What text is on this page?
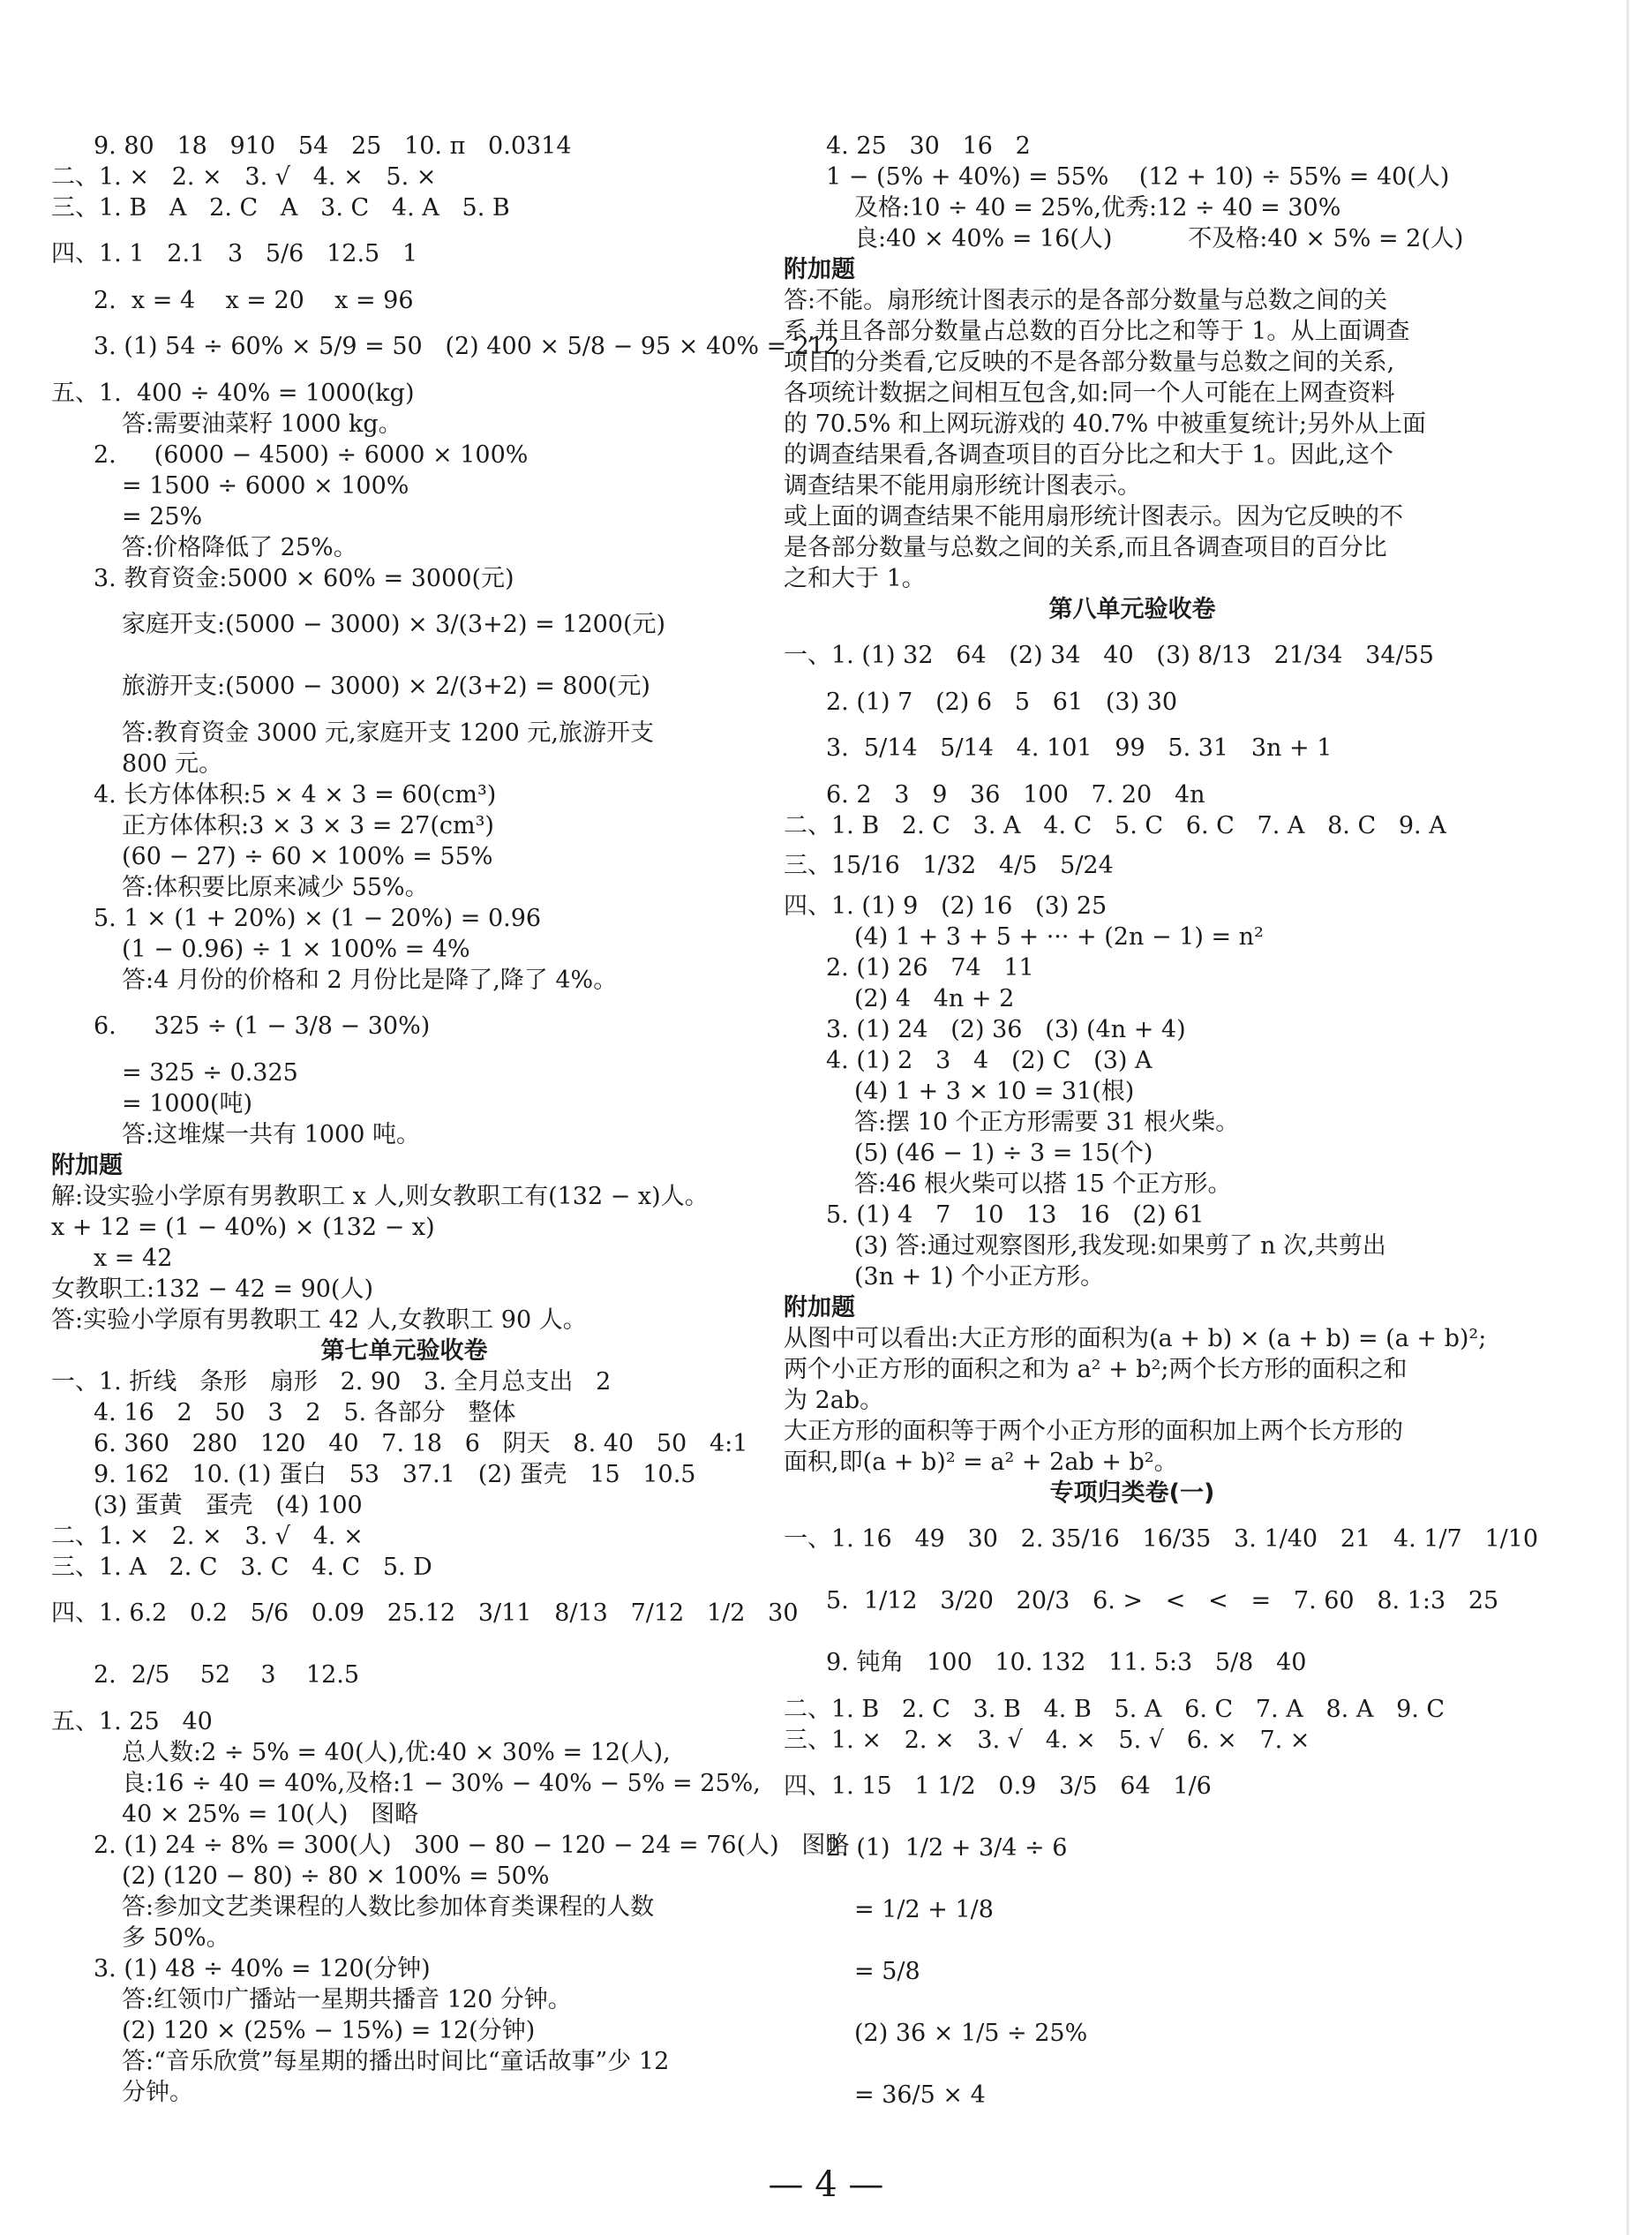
9. 80   18   910   54   25   10. π   0.0314
二、1. ×   2. ×   3. √   4. ×   5. ×
三、1. B   A   2. C   A   3. C   4. A   5. B
四、1. 1   2.1   3   5/6   12.5   1
2.  x = 4    x = 20    x = 96
3. (1) 54 ÷ 60% × 5/9 = 50   (2) 400 × 5/8 − 95 × 40% = 212
五、1.  400 ÷ 40% = 1000(kg)
答:需要油菜籽 1000 kg。
2.     (6000 − 4500) ÷ 6000 × 100%
= 1500 ÷ 6000 × 100%
= 25%
答:价格降低了 25%。
3. 教育资金:5000 × 60% = 3000(元)
家庭开支:(5000 − 3000) × 3/(3+2) = 1200(元)
旅游开支:(5000 − 3000) × 2/(3+2) = 800(元)
答:教育资金 3000 元,家庭开支 1200 元,旅游开支
800 元。
4. 长方体体积:5 × 4 × 3 = 60(cm³)
正方体体积:3 × 3 × 3 = 27(cm³)
(60 − 27) ÷ 60 × 100% = 55%
答:体积要比原来减少 55%。
5. 1 × (1 + 20%) × (1 − 20%) = 0.96
(1 − 0.96) ÷ 1 × 100% = 4%
答:4 月份的价格和 2 月份比是降了,降了 4%。
6.     325 ÷ (1 − 3/8 − 30%)
= 325 ÷ 0.325
= 1000(吨)
答:这堆煤一共有 1000 吨。
附加题
解:设实验小学原有男教职工 x 人,则女教职工有(132 − x)人。
x + 12 = (1 − 40%) × (132 − x)
x = 42
女教职工:132 − 42 = 90(人)
答:实验小学原有男教职工 42 人,女教职工 90 人。
第七单元验收卷
一、1. 折线   条形   扇形   2. 90   3. 全月总支出   2
4. 16   2   50   3   2   5. 各部分   整体
6. 360   280   120   40   7. 18   6   阴天   8. 40   50   4:1
9. 162   10. (1) 蛋白   53   37.1   (2) 蛋壳   15   10.5
(3) 蛋黄   蛋壳   (4) 100
二、1. ×   2. ×   3. √   4. ×
三、1. A   2. C   3. C   4. C   5. D
四、1. 6.2   0.2   5/6   0.09   25.12   3/11   8/13   7/12   1/2   30
2.  2/5    52    3    12.5
五、1. 25   40
总人数:2 ÷ 5% = 40(人),优:40 × 30% = 12(人),
良:16 ÷ 40 = 40%,及格:1 − 30% − 40% − 5% = 25%,
40 × 25% = 10(人)   图略
2. (1) 24 ÷ 8% = 300(人)   300 − 80 − 120 − 24 = 76(人)   图略
(2) (120 − 80) ÷ 80 × 100% = 50%
答:参加文艺类课程的人数比参加体育类课程的人数
多 50%。
3. (1) 48 ÷ 40% = 120(分钟)
答:红领巾广播站一星期共播音 120 分钟。
(2) 120 × (25% − 15%) = 12(分钟)
答:“音乐欣赏”每星期的播出时间比“童话故事”少 12
分钟。
4. 25   30   16   2
1 − (5% + 40%) = 55%    (12 + 10) ÷ 55% = 40(人)
及格:10 ÷ 40 = 25%,优秀:12 ÷ 40 = 30%
良:40 × 40% = 16(人)          不及格:40 × 5% = 2(人)
附加题
答:不能。扇形统计图表示的是各部分数量与总数之间的关
系,并且各部分数量占总数的百分比之和等于 1。从上面调查
项目的分类看,它反映的不是各部分数量与总数之间的关系,
各项统计数据之间相互包含,如:同一个人可能在上网查资料
的 70.5% 和上网玩游戏的 40.7% 中被重复统计;另外从上面
的调查结果看,各调查项目的百分比之和大于 1。因此,这个
调查结果不能用扇形统计图表示。
或上面的调查结果不能用扇形统计图表示。因为它反映的不
是各部分数量与总数之间的关系,而且各调查项目的百分比
之和大于 1。
第八单元验收卷
一、1. (1) 32   64   (2) 34   40   (3) 8/13   21/34   34/55
2. (1) 7   (2) 6   5   61   (3) 30
3.  5/14   5/14   4. 101   99   5. 31   3n + 1
6. 2   3   9   36   100   7. 20   4n
二、1. B   2. C   3. A   4. C   5. C   6. C   7. A   8. C   9. A
三、15/16   1/32   4/5   5/24
四、1. (1) 9   (2) 16   (3) 25
(4) 1 + 3 + 5 + ··· + (2n − 1) = n²
2. (1) 26   74   11
(2) 4   4n + 2
3. (1) 24   (2) 36   (3) (4n + 4)
4. (1) 2   3   4   (2) C   (3) A
(4) 1 + 3 × 10 = 31(根)
答:摆 10 个正方形需要 31 根火柴。
(5) (46 − 1) ÷ 3 = 15(个)
答:46 根火柴可以搭 15 个正方形。
5. (1) 4   7   10   13   16   (2) 61
(3) 答:通过观察图形,我发现:如果剪了 n 次,共剪出
(3n + 1) 个小正方形。
附加题
从图中可以看出:大正方形的面积为(a + b) × (a + b) = (a + b)²;
两个小正方形的面积之和为 a² + b²;两个长方形的面积之和
为 2ab。
大正方形的面积等于两个小正方形的面积加上两个长方形的
面积,即(a + b)² = a² + 2ab + b²。
专项归类卷(一)
一、1. 16   49   30   2. 35/16   16/35   3. 1/40   21   4. 1/7   1/10
5.  1/12   3/20   20/3   6. >   <   <   =   7. 60   8. 1:3   25
9. 钝角   100   10. 132   11. 5:3   5/8   40
二、1. B   2. C   3. B   4. B   5. A   6. C   7. A   8. A   9. C
三、1. ×   2. ×   3. √   4. ×   5. √   6. ×   7. ×
四、1. 15   1 1/2   0.9   3/5   64   1/6
2. (1)  1/2 + 3/4 ÷ 6
= 1/2 + 1/8
= 5/8
(2) 36 × 1/5 ÷ 25%
= 36/5 × 4
— 4 —
